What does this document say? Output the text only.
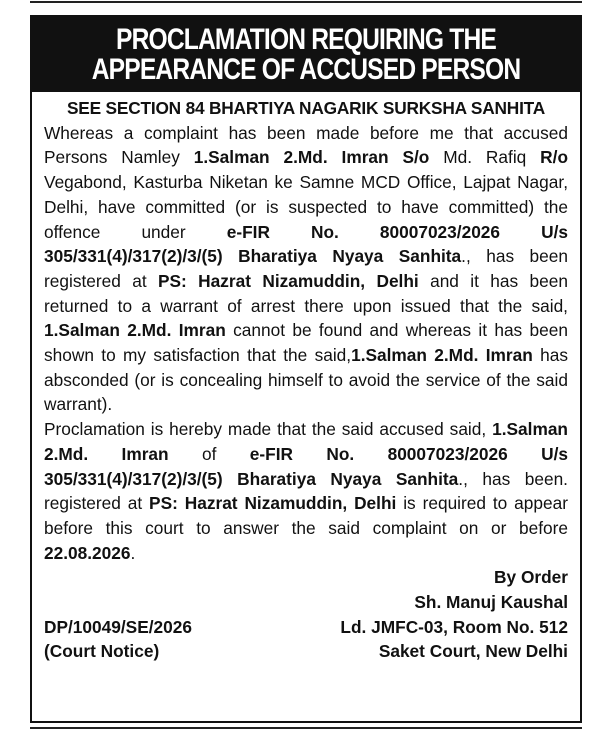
PROCLAMATION REQUIRING THE
APPEARANCE OF ACCUSED PERSON
SEE SECTION 84 BHARTIYA NAGARIK SURKSHA SANHITA

Whereas a complaint has been made before me that accused Persons Namley 1.Salman 2.Md. Imran S/o Md. Rafiq R/o Vegabond, Kasturba Niketan ke Samne MCD Office, Lajpat Nagar, Delhi, have committed (or is suspected to have committed) the offence under e-FIR No. 80007023/2026 U/s 305/331(4)/317(2)/3/(5) Bharatiya Nyaya Sanhita., has been registered at PS: Hazrat Nizamuddin, Delhi and it has been returned to a warrant of arrest there upon issued that the said, 1.Salman 2.Md. Imran cannot be found and whereas it has been shown to my satisfaction that the said,1.Salman 2.Md. Imran has absconded (or is concealing himself to avoid the service of the said warrant).

Proclamation is hereby made that the said accused said, 1.Salman 2.Md. Imran of e-FIR No. 80007023/2026 U/s 305/331(4)/317(2)/3/(5) Bharatiya Nyaya Sanhita., has been. registered at PS: Hazrat Nizamuddin, Delhi is required to appear before this court to answer the said complaint on or before 22.08.2026.

By Order
Sh. Manuj Kaushal
DP/10049/SE/2026	Ld. JMFC-03, Room No. 512
(Court Notice)	Saket Court, New Delhi
